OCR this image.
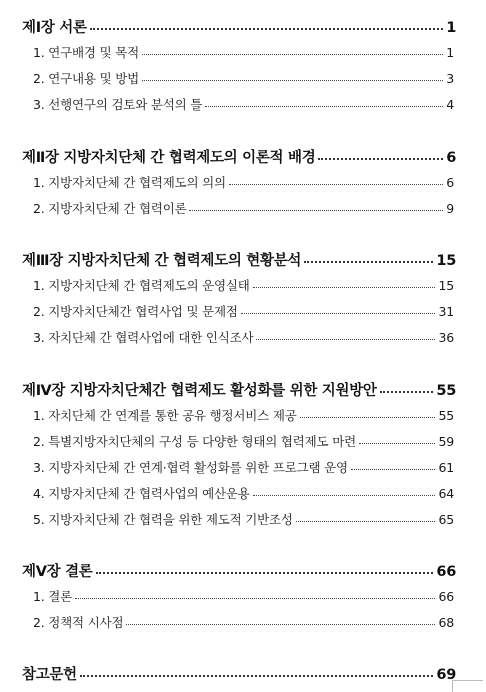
제Ⅰ장 서론	1
1. 연구배경 및 목적	1
2. 연구내용 및 방법	3
3. 선행연구의 검토와 분석의 틀	4
제Ⅱ장 지방자치단체 간 협력제도의 이론적 배경	6
1. 지방자치단체 간 협력제도의 의의	6
2. 지방자치단체 간 협력이론	9
제Ⅲ장 지방자치단체 간 협력제도의 현황분석	15
1. 지방자치단체 간 협력제도의 운영실태	15
2. 지방자치단체간 협력사업 및 문제점	31
3. 자치단체 간 협력사업에 대한 인식조사	36
제Ⅳ장 지방자치단체간 협력제도 활성화를 위한 지원방안	55
1. 자치단체 간 연계를 통한 공유 행정서비스 제공	55
2. 특별지방자치단체의 구성 등 다양한 형태의 협력제도 마련	59
3. 지방자치단체 간 연계·협력 활성화를 위한 프로그램 운영	61
4. 지방자치단체 간 협력사업의 예산운용	64
5. 지방자치단체 간 협력을 위한 제도적 기반조성	65
제Ⅴ장 결론	66
1. 결론	66
2. 정책적 시사점	68
참고문헌	69
